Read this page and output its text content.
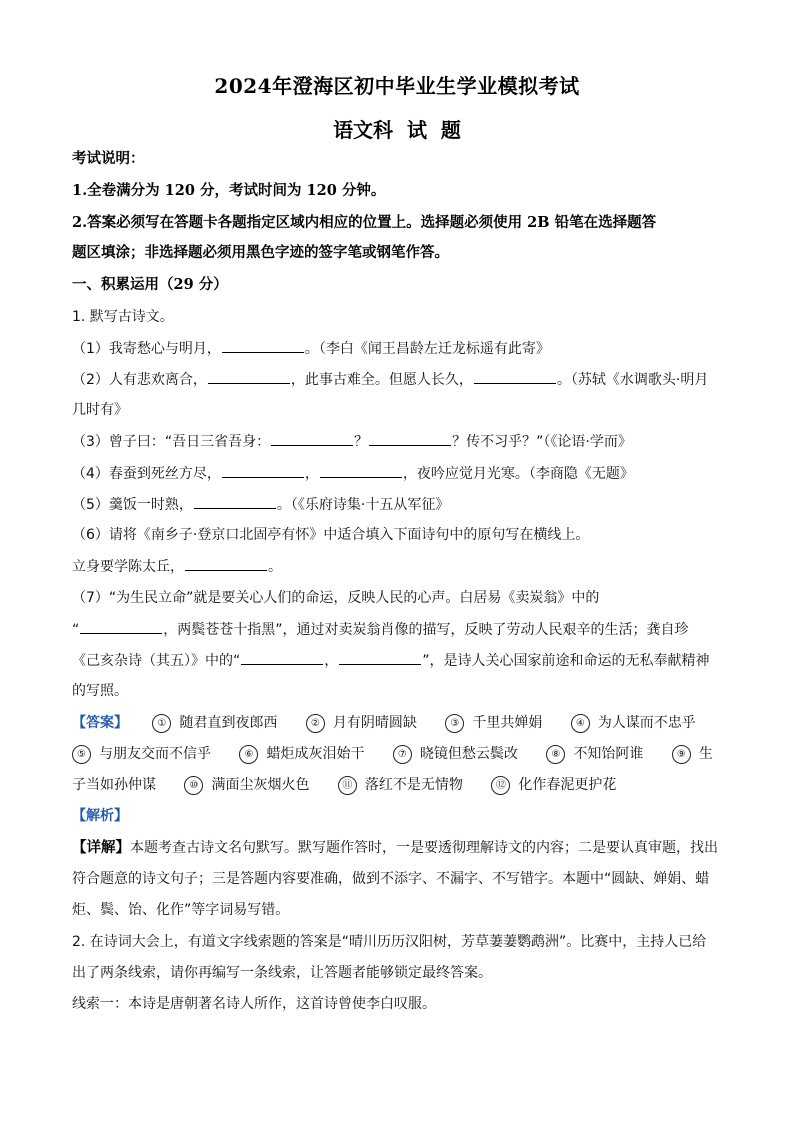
2024年澄海区初中毕业生学业模拟考试
语文科  试  题
考试说明：
1.全卷满分为 120 分，考试时间为 120 分钟。
2.答案必须写在答题卡各题指定区域内相应的位置上。选择题必须使用 2B 铅笔在选择题答
题区填涂；非选择题必须用黑色字迹的签字笔或钢笔作答。
一、积累运用（29 分）
1. 默写古诗文。
（1）我寄愁心与明月，	。（李白《闻王昌龄左迁龙标遥有此寄》
（2）人有悲欢离合，	，此事古难全。但愿人长久，	。（苏轼《水调歌头·明月
几时有》
（3）曾子曰：“吾日三省吾身：	？	？传不习乎？”（《论语·学而》
（4）春蚕到死丝方尽，	，	，夜吟应觉月光寒。（李商隐《无题》
（5）羹饭一时熟，	。（《乐府诗集·十五从军征》
（6）请将《南乡子·登京口北固亭有怀》中适合填入下面诗句中的原句写在横线上。
立身要学陈太丘，	。
（7）“为生民立命”就是要关心人们的命运，反映人民的心声。白居易《卖炭翁》中的
“	，两鬓苍苍十指黑”，通过对卖炭翁肖像的描写，反映了劳动人民艰辛的生活；龚自珍
《己亥杂诗（其五）》中的“	，	”，是诗人关心国家前途和命运的无私奉献精神
的写照。
【答案】	① 随君直到夜郎西	② 月有阴晴圆缺	③ 千里共婵娟	④ 为人谋而不忠乎
⑤ 与朋友交而不信乎	⑥ 蜡炬成灰泪始干	⑦ 晓镜但愁云鬓改	⑧ 不知饴阿谁	⑨ 生
子当如孙仲谋	⑩ 满面尘灰烟火色	⑪ 落红不是无情物	⑫ 化作春泥更护花
【解析】
【详解】本题考查古诗文名句默写。默写题作答时，一是要透彻理解诗文的内容；二是要认真审题，找出
符合题意的诗文句子；三是答题内容要准确，做到不添字、不漏字、不写错字。本题中“圆缺、婵娟、蜡
炬、鬓、饴、化作”等字词易写错。
2. 在诗词大会上，有道文字线索题的答案是“晴川历历汉阳树，芳草萋萋鹦鹉洲”。比赛中，主持人已给
出了两条线索，请你再编写一条线索，让答题者能够锁定最终答案。
线索一：本诗是唐朝著名诗人所作，这首诗曾使李白叹服。
